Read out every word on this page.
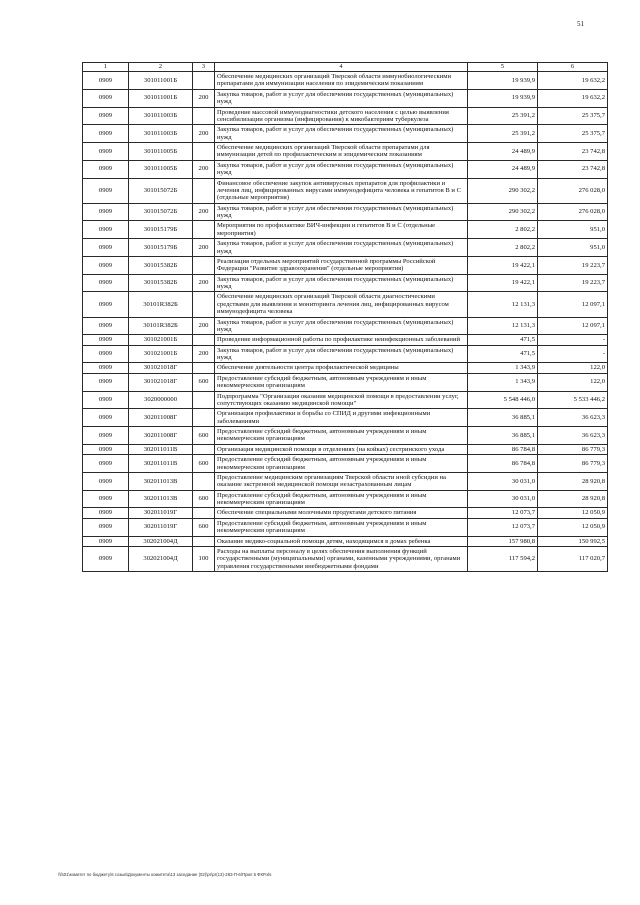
51
1	2	3	4	5	6
0909	301011001Б		Обеспечение медицинских организаций Тверской области иммунобиологическими препаратами для иммунизации населения по эпидемическим показаниям	19 939,9	19 632,2
0909	301011001Б	200	Закупка товаров, работ и услуг для обеспечения государственных (муниципальных) нужд	19 939,9	19 632,2
0909	301011003Б		Проведение массовой иммунодиагностики детского населения с целью выявления сенсибилизации организма (инфицирования) к микобактериям туберкулеза	25 391,2	25 375,7
0909	301011003Б	200	Закупка товаров, работ и услуг для обеспечения государственных (муниципальных) нужд	25 391,2	25 375,7
0909	301011005Б		Обеспечение медицинских организаций Тверской области препаратами для иммунизации детей по профилактическим и эпидемическим показаниям	24 489,9	23 742,8
0909	301011005Б	200	Закупка товаров, работ и услуг для обеспечения государственных (муниципальных) нужд	24 489,9	23 742,8
0909	301015072Б		Финансовое обеспечение закупок антивирусных препаратов для профилактики и лечения лиц, инфицированных вирусами иммунодефицита человека и гепатитов В и С (отдельные мероприятия)	290 302,2	276 028,0
0909	301015072Б	200	Закупка товаров, работ и услуг для обеспечения государственных (муниципальных) нужд	290 302,2	276 028,0
0909	301015179Б		Мероприятия по профилактике ВИЧ-инфекции и гепатитов В и С (отдельные мероприятия)	2 802,2	951,0
0909	301015179Б	200	Закупка товаров, работ и услуг для обеспечения государственных (муниципальных) нужд	2 802,2	951,0
0909	301015382Б		Реализация отдельных мероприятий государственной программы Российской Федерации "Развитие здравоохранения" (отдельные мероприятия)	19 422,1	19 223,7
0909	301015382Б	200	Закупка товаров, работ и услуг для обеспечения государственных (муниципальных) нужд	19 422,1	19 223,7
0909	30101R382Б		Обеспечение медицинских организаций Тверской области диагностическими средствами для выявления и мониторинга лечения лиц, инфицированных вирусом иммунодефицита человека	12 131,3	12 097,1
0909	30101R382Б	200	Закупка товаров, работ и услуг для обеспечения государственных (муниципальных) нужд	12 131,3	12 097,1
0909	301021001Б		Проведение информационной работы по профилактике неинфекционных заболеваний	471,5	-
0909	301021001Б	200	Закупка товаров, работ и услуг для обеспечения государственных (муниципальных) нужд	471,5	-
0909	301021018Г		Обеспечение деятельности центра профилактической медицины	1 343,9	122,0
0909	301021018Г	600	Предоставление субсидий бюджетным, автономным учреждениям и иным некоммерческим организациям	1 343,9	122,0
0909	3020000000		Подпрограмма "Организация оказания медицинской помощи в предоставлении услуг, сопутствующих оказанию медицинской помощи"	5 548 446,0	5 533 446,2
0909	302011008Г		Организация профилактики и борьбы со СПИД и другими инфекционными заболеваниями	36 885,1	36 623,3
0909	302011008Г	600	Предоставление субсидий бюджетным, автономным учреждениям и иным некоммерческим организациям	36 885,1	36 623,3
0909	302011011В		Организация медицинской помощи в отделениях (на койках) сестринского ухода	86 784,8	86 779,3
0909	302011011В	600	Предоставление субсидий бюджетным, автономным учреждениям и иным некоммерческим организациям	86 784,8	86 779,3
0909	302011013В		Предоставление медицинским организациям Тверской области иной субсидии на оказание экстренной медицинской помощи незастрахованным лицам	30 031,0	28 920,8
0909	302011013В	600	Предоставление субсидий бюджетным, автономным учреждениям и иным некоммерческим организациям	30 031,0	28 920,8
0909	302011019Г		Обеспечение специальными молочными продуктами детского питания	12 073,7	12 050,9
0909	302011019Г	600	Предоставление субсидий бюджетным, автономным учреждениям и иным некоммерческим организациям	12 073,7	12 050,9
0909	302021004Д		Оказание медико-социальной помощи детям, находящимся в домах ребенка	157 980,8	150 992,5
0909	302021004Д	100	Расходы на выплаты персоналу в целях обеспечения выполнения функций государственными (муниципальными) органами, казенными учреждениями, органами управления государственными внебюджетными фондами	117 594,2	117 020,7
\\fs01\комитет по бюджету\6 созыв\Документы комитета\13 заседание (02)\pr\pr(13)-283-П-6\Прил 5 ФКР.xls
